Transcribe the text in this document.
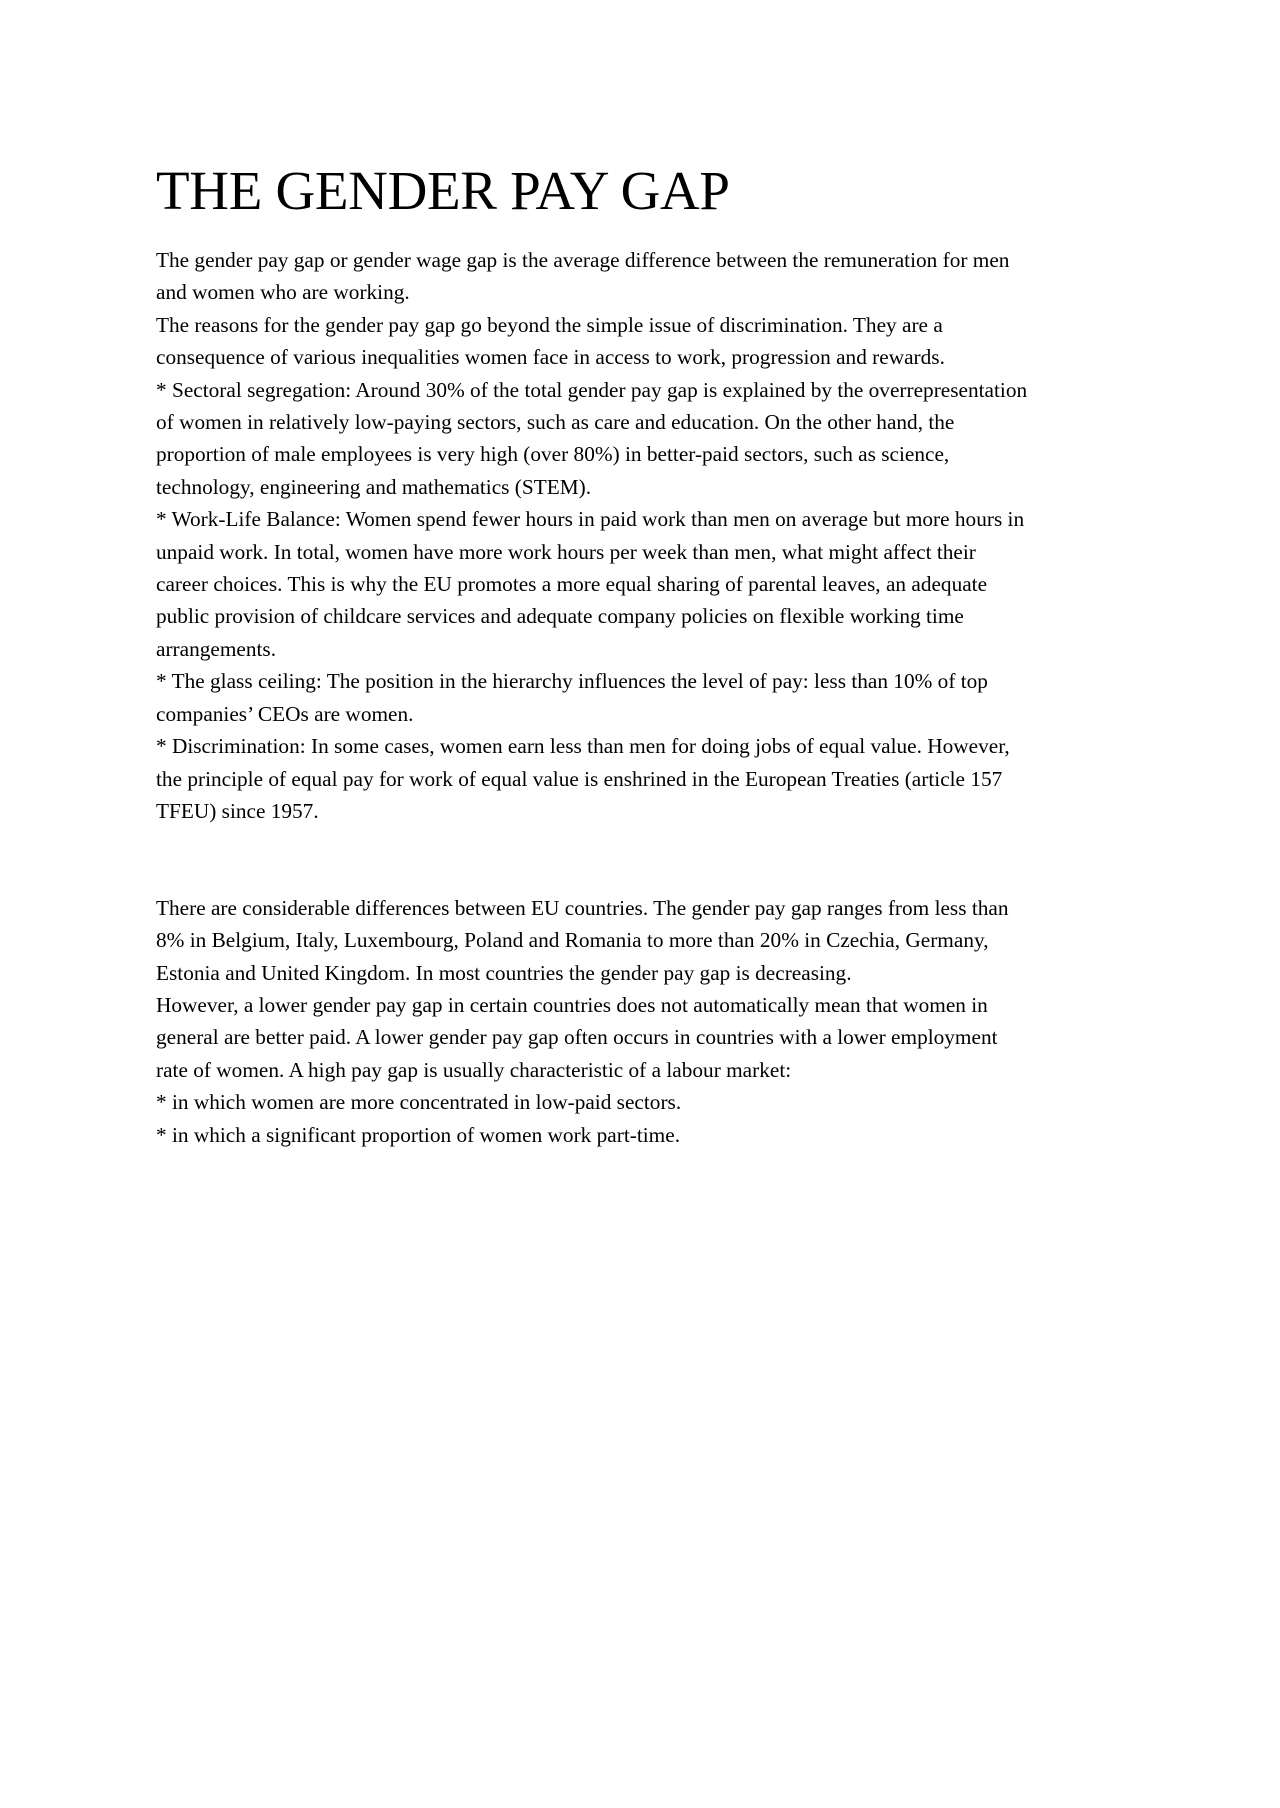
THE GENDER PAY GAP

The gender pay gap or gender wage gap is the average difference between the remuneration for men

and women who are working.

The reasons for the gender pay gap go beyond the simple issue of discrimination. They are a

consequence of various inequalities women face in access to work, progression and rewards.

* Sectoral segregation: Around 30% of the total gender pay gap is explained by the overrepresentation

of women in relatively low-paying sectors, such as care and education. On the other hand, the

proportion of male employees is very high (over 80%) in better-paid sectors, such as science,

technology, engineering and mathematics (STEM).

* Work-Life Balance: Women spend fewer hours in paid work than men on average but more hours in

unpaid work. In total, women have more work hours per week than men, what might affect their

career choices. This is why the EU promotes a more equal sharing of parental leaves, an adequate

public provision of childcare services and adequate company policies on flexible working time

arrangements.

* The glass ceiling: The position in the hierarchy influences the level of pay: less than 10% of top

companies’ CEOs are women.

* Discrimination: In some cases, women earn less than men for doing jobs of equal value. However,

the principle of equal pay for work of equal value is enshrined in the European Treaties (article 157

TFEU) since 1957.

There are considerable differences between EU countries. The gender pay gap ranges from less than

8% in Belgium, Italy, Luxembourg, Poland and Romania to more than 20% in Czechia, Germany,

Estonia and United Kingdom. In most countries the gender pay gap is decreasing.

However, a lower gender pay gap in certain countries does not automatically mean that women in

general are better paid. A lower gender pay gap often occurs in countries with a lower employment

rate of women. A high pay gap is usually characteristic of a labour market:

* in which women are more concentrated in low-paid sectors.

* in which a significant proportion of women work part-time.
